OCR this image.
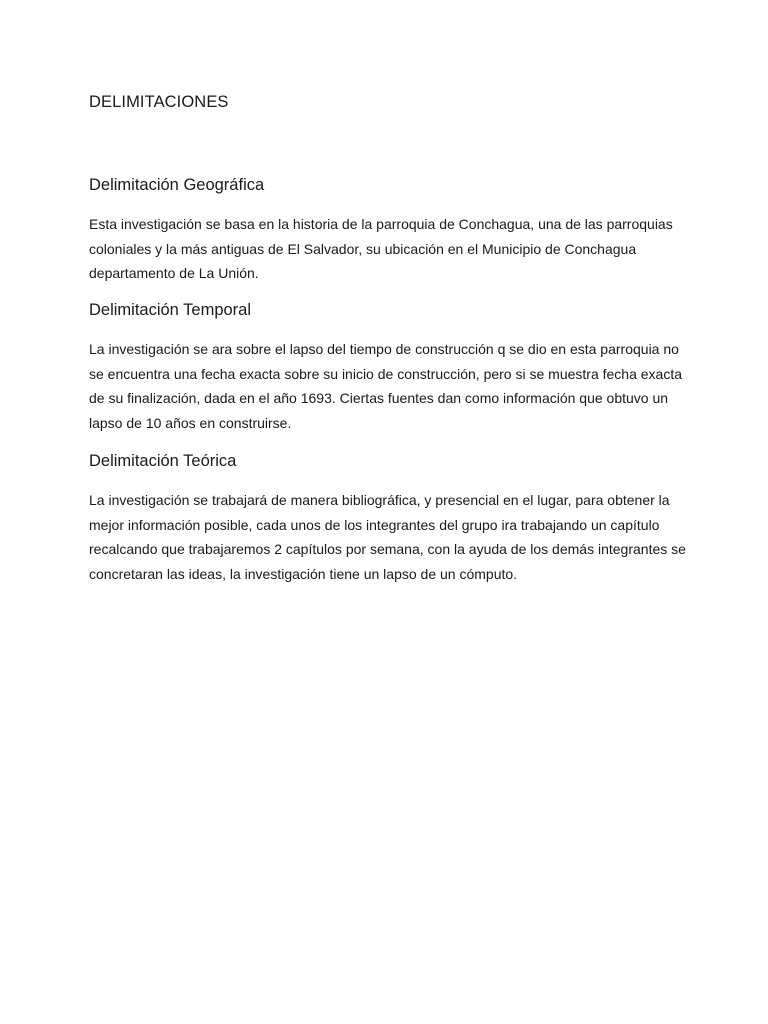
DELIMITACIONES
Delimitación Geográfica

Esta investigación se basa en la historia de la parroquia de Conchagua, una de las parroquias
coloniales y la más antiguas de El Salvador, su ubicación en el Municipio de Conchagua
departamento de La Unión.

Delimitación Temporal

La investigación se ara sobre el lapso del tiempo de construcción q se dio en esta parroquia no
se encuentra una fecha exacta sobre su inicio de construcción, pero si se muestra fecha exacta
de su finalización, dada en el año 1693. Ciertas fuentes dan como información que obtuvo un
lapso de 10 años en construirse.

Delimitación Teórica

La investigación se trabajará de manera bibliográfica, y presencial en el lugar, para obtener la
mejor información posible, cada unos de los integrantes del grupo ira trabajando un capítulo
recalcando que trabajaremos 2 capítulos por semana, con la ayuda de los demás integrantes se
concretaran las ideas, la investigación tiene un lapso de un cómputo.
